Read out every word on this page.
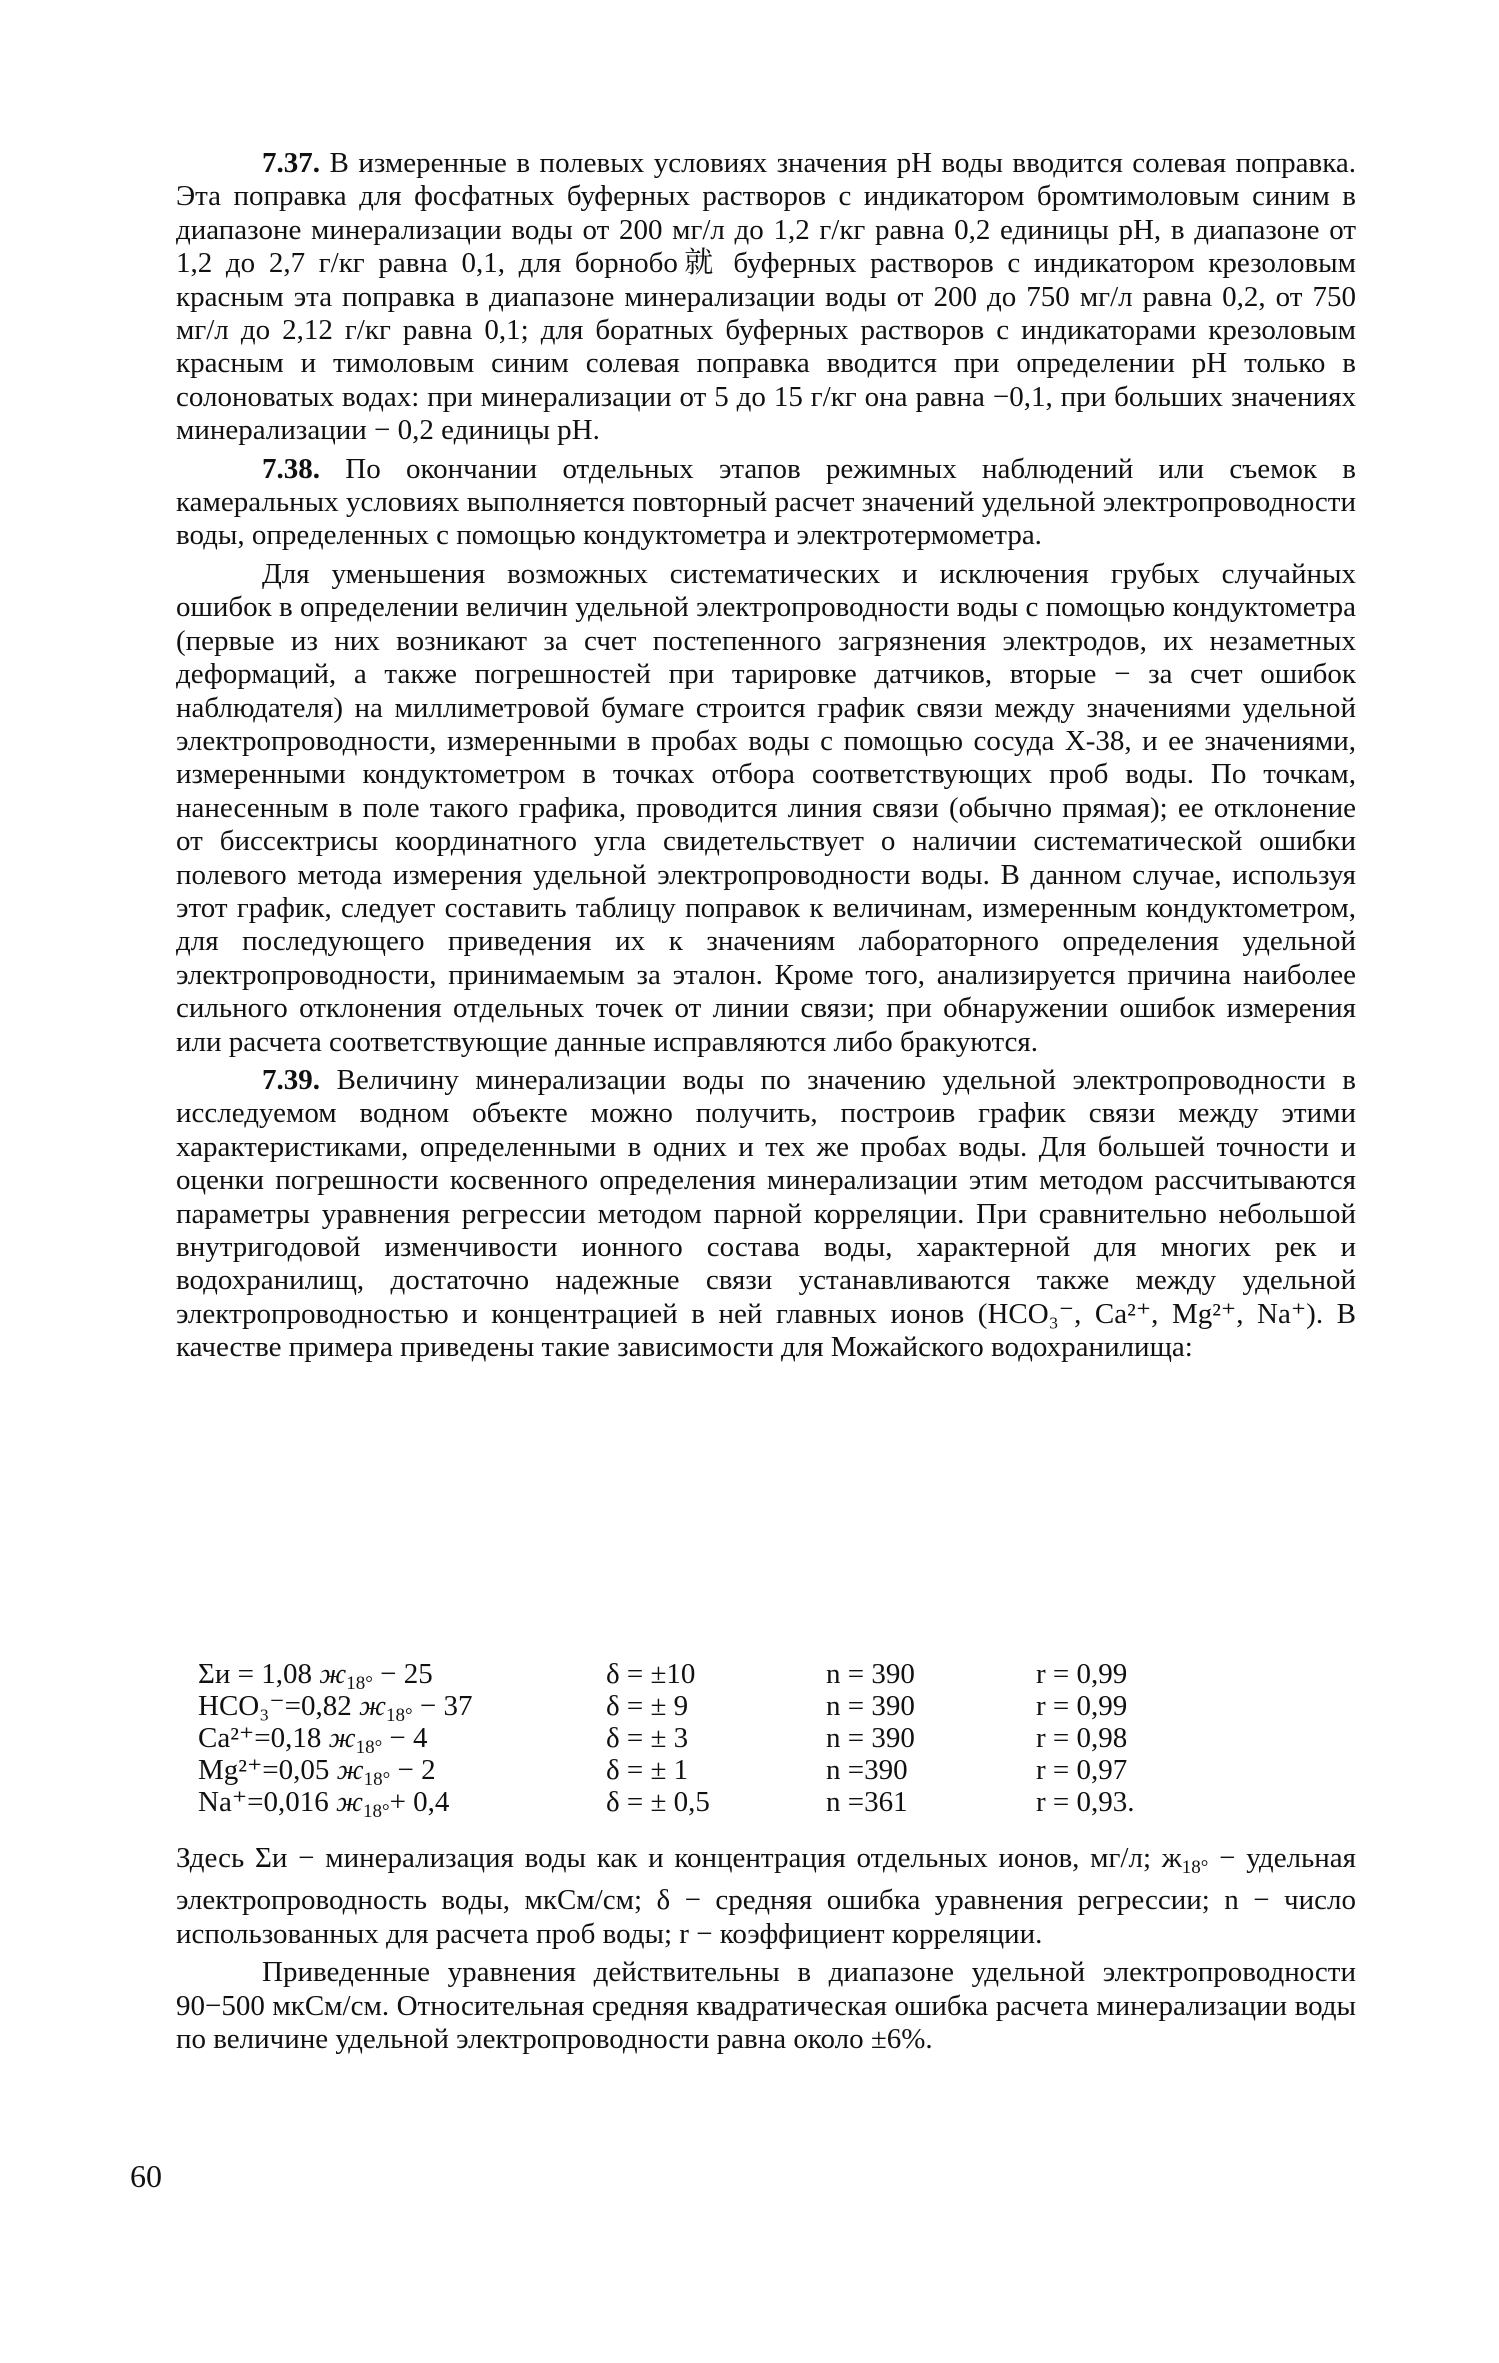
7.37. В измеренные в полевых условиях значения pH воды вводится солевая поправка. Эта поправка для фосфатных буферных растворов с индикатором бромтимоловым синим в диапазоне минерализации воды от 200 мг/л до 1,2 г/кг равна 0,2 единицы pH, в диапазоне от 1,2 до 2,7 г/кг равна 0,1, для борнобо就 буферных растворов с индикатором крезоловым красным эта поправка в диапазоне минерализации воды от 200 до 750 мг/л равна 0,2, от 750 мг/л до 2,12 г/кг равна 0,1; для боратных буферных растворов с индикаторами крезоловым красным и тимоловым синим солевая поправка вводится при определении pH только в солоноватых водах: при минерализации от 5 до 15 г/кг она равна −0,1, при больших значениях минерализации − 0,2 единицы pH.

7.38. По окончании отдельных этапов режимных наблюдений или съемок в камеральных условиях выполняется повторный расчет значений удельной электропроводности воды, определенных с помощью кондуктометра и электротермометра.

Для уменьшения возможных систематических и исключения грубых случайных ошибок в определении величин удельной электропроводности воды с помощью кондуктометра (первые из них возникают за счет постепенного загрязнения электродов, их незаметных деформаций, а также погрешностей при тарировке датчиков, вторые − за счет ошибок наблюдателя) на миллиметровой бумаге строится график связи между значениями удельной электропроводности, измеренными в пробах воды с помощью сосуда Х-38, и ее значениями, измеренными кондуктометром в точках отбора соответствующих проб воды. По точкам, нанесенным в поле такого графика, проводится линия связи (обычно прямая); ее отклонение от биссектрисы координатного угла свидетельствует о наличии систематической ошибки полевого метода измерения удельной электропроводности воды. В данном случае, используя этот график, следует составить таблицу поправок к величинам, измеренным кондуктометром, для последующего приведения их к значениям лабораторного определения удельной электропроводности, принимаемым за эталон. Кроме того, анализируется причина наиболее сильного отклонения отдельных точек от линии связи; при обнаружении ошибок измерения или расчета соответствующие данные исправляются либо бракуются.

7.39. Величину минерализации воды по значению удельной электропроводности в исследуемом водном объекте можно получить, построив график связи между этими характеристиками, определенными в одних и тех же пробах воды. Для большей точности и оценки погрешности косвенного определения минерализации этим методом рассчитываются параметры уравнения регрессии методом парной корреляции. При сравнительно небольшой внутригодовой изменчивости ионного состава воды, характерной для многих рек и водохранилищ, достаточно надежные связи устанавливаются также между удельной электропроводностью и концентрацией в ней главных ионов (HCO₃⁻, Ca²⁺, Mg²⁺, Na⁺). В качестве примера приведены такие зависимости для Можайского водохранилища:

Σи = 1,08 $ж_{18^\circ} - 25$	δ = ±10	n = 390	r = 0,99
HCO₃⁻=0,82 $ж_{18^\circ} - 37$	δ = ± 9	n = 390	r = 0,99
Ca²⁺=0,18 $ж_{18^\circ} - 4$	δ = ± 3	n = 390	r = 0,98
Mg²⁺=0,05 $ж_{18^\circ} - 2$	δ = ± 1	n =390	r = 0,97
Na⁺=0,016 $ж_{18^\circ}+ 0,4$	δ = ± 0,5	n =361	r = 0,93.

Здесь Σи − минерализация воды как и концентрация отдельных ионов, мг/л; $ж_{18^\circ}$ − удельная электропроводность воды, мкСм/см; δ − средняя ошибка уравнения регрессии; n − число использованных для расчета проб воды; r − коэффициент корреляции.

Приведенные уравнения действительны в диапазоне удельной электропроводности 90−500 мкСм/см. Относительная средняя квадратическая ошибка расчета минерализации воды по величине удельной электропроводности равна около ±6%.

60
